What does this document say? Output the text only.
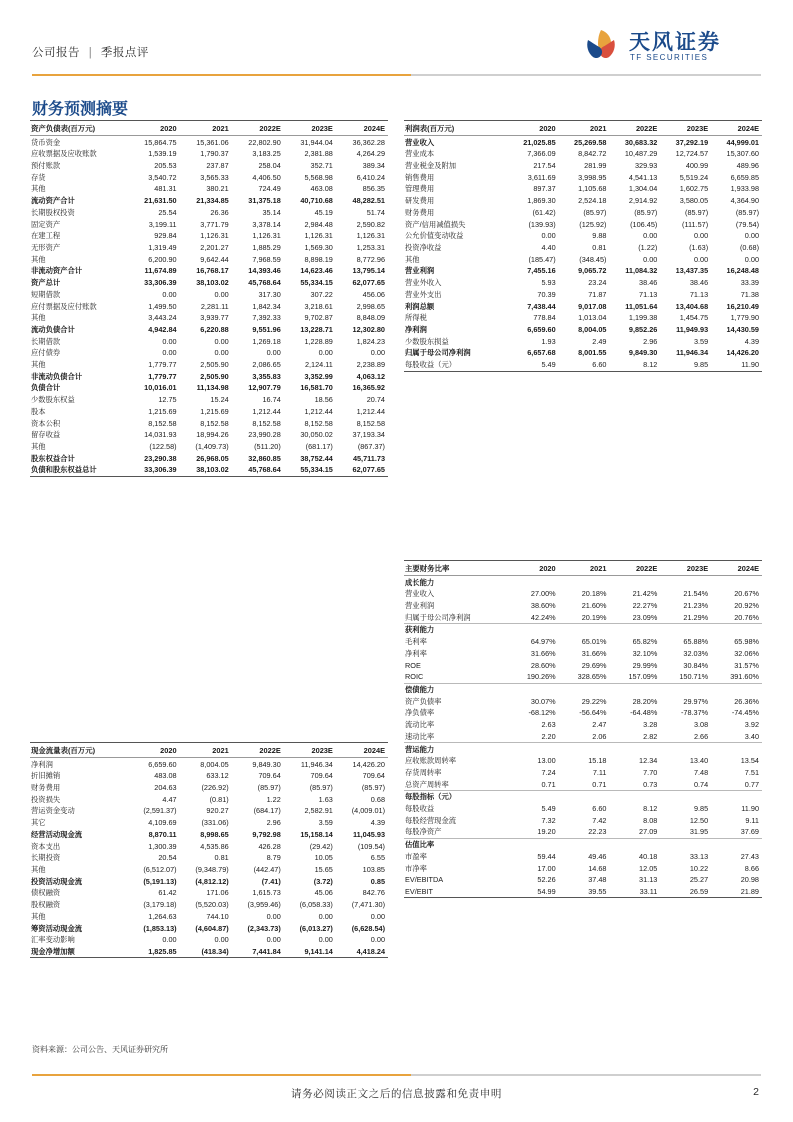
公司报告 | 季报点评	天风证券
TF SECURITIES
财务预测摘要
资产负债表(百万元)	2020	2021	2022E	2023E	2024E
货币资金	15,864.75	15,361.06	22,802.90	31,944.04	36,362.28
应收票据及应收账款	1,539.19	1,790.37	3,183.25	2,381.88	4,264.29
预付账款	205.53	237.87	258.04	352.71	389.34
存货	3,540.72	3,565.33	4,406.50	5,568.98	6,410.24
其他	481.31	380.21	724.49	463.08	856.35
流动资产合计	21,631.50	21,334.85	31,375.18	40,710.68	48,282.51
长期股权投资	25.54	26.36	35.14	45.19	51.74
固定资产	3,199.11	3,771.79	3,378.14	2,984.48	2,590.82
在建工程	929.84	1,126.31	1,126.31	1,126.31	1,126.31
无形资产	1,319.49	2,201.27	1,885.29	1,569.30	1,253.31
其他	6,200.90	9,642.44	7,968.59	8,898.19	8,772.96
非流动资产合计	11,674.89	16,768.17	14,393.46	14,623.46	13,795.14
资产总计	33,306.39	38,103.02	45,768.64	55,334.15	62,077.65
短期借款	0.00	0.00	317.30	307.22	456.06
应付票据及应付账款	1,499.50	2,281.11	1,842.34	3,218.61	2,998.65
其他	3,443.24	3,939.77	7,392.33	9,702.87	8,848.09
流动负债合计	4,942.84	6,220.88	9,551.96	13,228.71	12,302.80
长期借款	0.00	0.00	1,269.18	1,228.89	1,824.23
应付债券	0.00	0.00	0.00	0.00	0.00
其他	1,779.77	2,505.90	2,086.65	2,124.11	2,238.89
非流动负债合计	1,779.77	2,505.90	3,355.83	3,352.99	4,063.12
负债合计	10,016.01	11,134.98	12,907.79	16,581.70	16,365.92
少数股东权益	12.75	15.24	16.74	18.56	20.74
股本	1,215.69	1,215.69	1,212.44	1,212.44	1,212.44
资本公积	8,152.58	8,152.58	8,152.58	8,152.58	8,152.58
留存收益	14,031.93	18,994.26	23,990.28	30,050.02	37,193.34
其他	(122.58)	(1,409.73)	(511.20)	(681.17)	(867.37)
股东权益合计	23,290.38	26,968.05	32,860.85	38,752.44	45,711.73
负债和股东权益总计	33,306.39	38,103.02	45,768.64	55,334.15	62,077.65
利润表(百万元)	2020	2021	2022E	2023E	2024E
营业收入	21,025.85	25,269.58	30,683.32	37,292.19	44,999.01
营业成本	7,366.09	8,842.72	10,487.29	12,724.57	15,307.60
营业税金及附加	217.54	281.99	329.93	400.99	489.96
销售费用	3,611.69	3,998.95	4,541.13	5,519.24	6,659.85
管理费用	897.37	1,105.68	1,304.04	1,602.75	1,933.98
研发费用	1,869.30	2,524.18	2,914.92	3,580.05	4,364.90
财务费用	(61.42)	(85.97)	(85.97)	(85.97)	(85.97)
资产/信用减值损失	(139.93)	(125.92)	(106.45)	(111.57)	(79.54)
公允价值变动收益	0.00	9.88	0.00	0.00	0.00
投资净收益	4.40	0.81	(1.22)	(1.63)	(0.68)
其他	(185.47)	(348.45)	0.00	0.00	0.00
营业利润	7,455.16	9,065.72	11,084.32	13,437.35	16,248.48
营业外收入	5.93	23.24	38.46	38.46	33.39
营业外支出	70.39	71.87	71.13	71.13	71.38
利润总额	7,438.44	9,017.08	11,051.64	13,404.68	16,210.49
所得税	778.84	1,013.04	1,199.38	1,454.75	1,779.90
净利润	6,659.60	8,004.05	9,852.26	11,949.93	14,430.59
少数股东损益	1.93	2.49	2.96	3.59	4.39
归属于母公司净利润	6,657.68	8,001.55	9,849.30	11,946.34	14,426.20
每股收益（元）	5.49	6.60	8.12	9.85	11.90
现金流量表(百万元)	2020	2021	2022E	2023E	2024E
净利润	6,659.60	8,004.05	9,849.30	11,946.34	14,426.20
折旧摊销	483.08	633.12	709.64	709.64	709.64
财务费用	204.63	(226.92)	(85.97)	(85.97)	(85.97)
投资损失	4.47	(0.81)	1.22	1.63	0.68
营运资金变动	(2,591.37)	920.27	(684.17)	2,582.91	(4,009.01)
其它	4,109.69	(331.06)	2.96	3.59	4.39
经营活动现金流	8,870.11	8,998.65	9,792.98	15,158.14	11,045.93
资本支出	1,300.39	4,535.86	426.28	(29.42)	(109.54)
长期投资	20.54	0.81	8.79	10.05	6.55
其他	(6,512.07)	(9,348.79)	(442.47)	15.65	103.85
投资活动现金流	(5,191.13)	(4,812.12)	(7.41)	(3.72)	0.85
债权融资	61.42	171.06	1,615.73	45.06	842.76
股权融资	(3,179.18)	(5,520.03)	(3,959.46)	(6,058.33)	(7,471.30)
其他	1,264.63	744.10	0.00	0.00	0.00
筹资活动现金流	(1,853.13)	(4,604.87)	(2,343.73)	(6,013.27)	(6,628.54)
汇率变动影响	0.00	0.00	0.00	0.00	0.00
现金净增加额	1,825.85	(418.34)	7,441.84	9,141.14	4,418.24
主要财务比率	2020	2021	2022E	2023E	2024E
成长能力					
营业收入	27.00%	20.18%	21.42%	21.54%	20.67%
营业利润	38.60%	21.60%	22.27%	21.23%	20.92%
归属于母公司净利润	42.24%	20.19%	23.09%	21.29%	20.76%
获利能力					
毛利率	64.97%	65.01%	65.82%	65.88%	65.98%
净利率	31.66%	31.66%	32.10%	32.03%	32.06%
ROE	28.60%	29.69%	29.99%	30.84%	31.57%
ROIC	190.26%	328.65%	157.09%	150.71%	391.60%
偿债能力					
资产负债率	30.07%	29.22%	28.20%	29.97%	26.36%
净负债率	-68.12%	-56.64%	-64.48%	-78.37%	-74.45%
流动比率	2.63	2.47	3.28	3.08	3.92
速动比率	2.20	2.06	2.82	2.66	3.40
营运能力					
应收账款周转率	13.00	15.18	12.34	13.40	13.54
存货周转率	7.24	7.11	7.70	7.48	7.51
总资产周转率	0.71	0.71	0.73	0.74	0.77
每股指标（元）					
每股收益	5.49	6.60	8.12	9.85	11.90
每股经营现金流	7.32	7.42	8.08	12.50	9.11
每股净资产	19.20	22.23	27.09	31.95	37.69
估值比率					
市盈率	59.44	49.46	40.18	33.13	27.43
市净率	17.00	14.68	12.05	10.22	8.66
EV/EBITDA	52.26	37.48	31.13	25.27	20.98
EV/EBIT	54.99	39.55	33.11	26.59	21.89
资料来源：公司公告、天风证券研究所
请务必阅读正文之后的信息披露和免责申明	2
